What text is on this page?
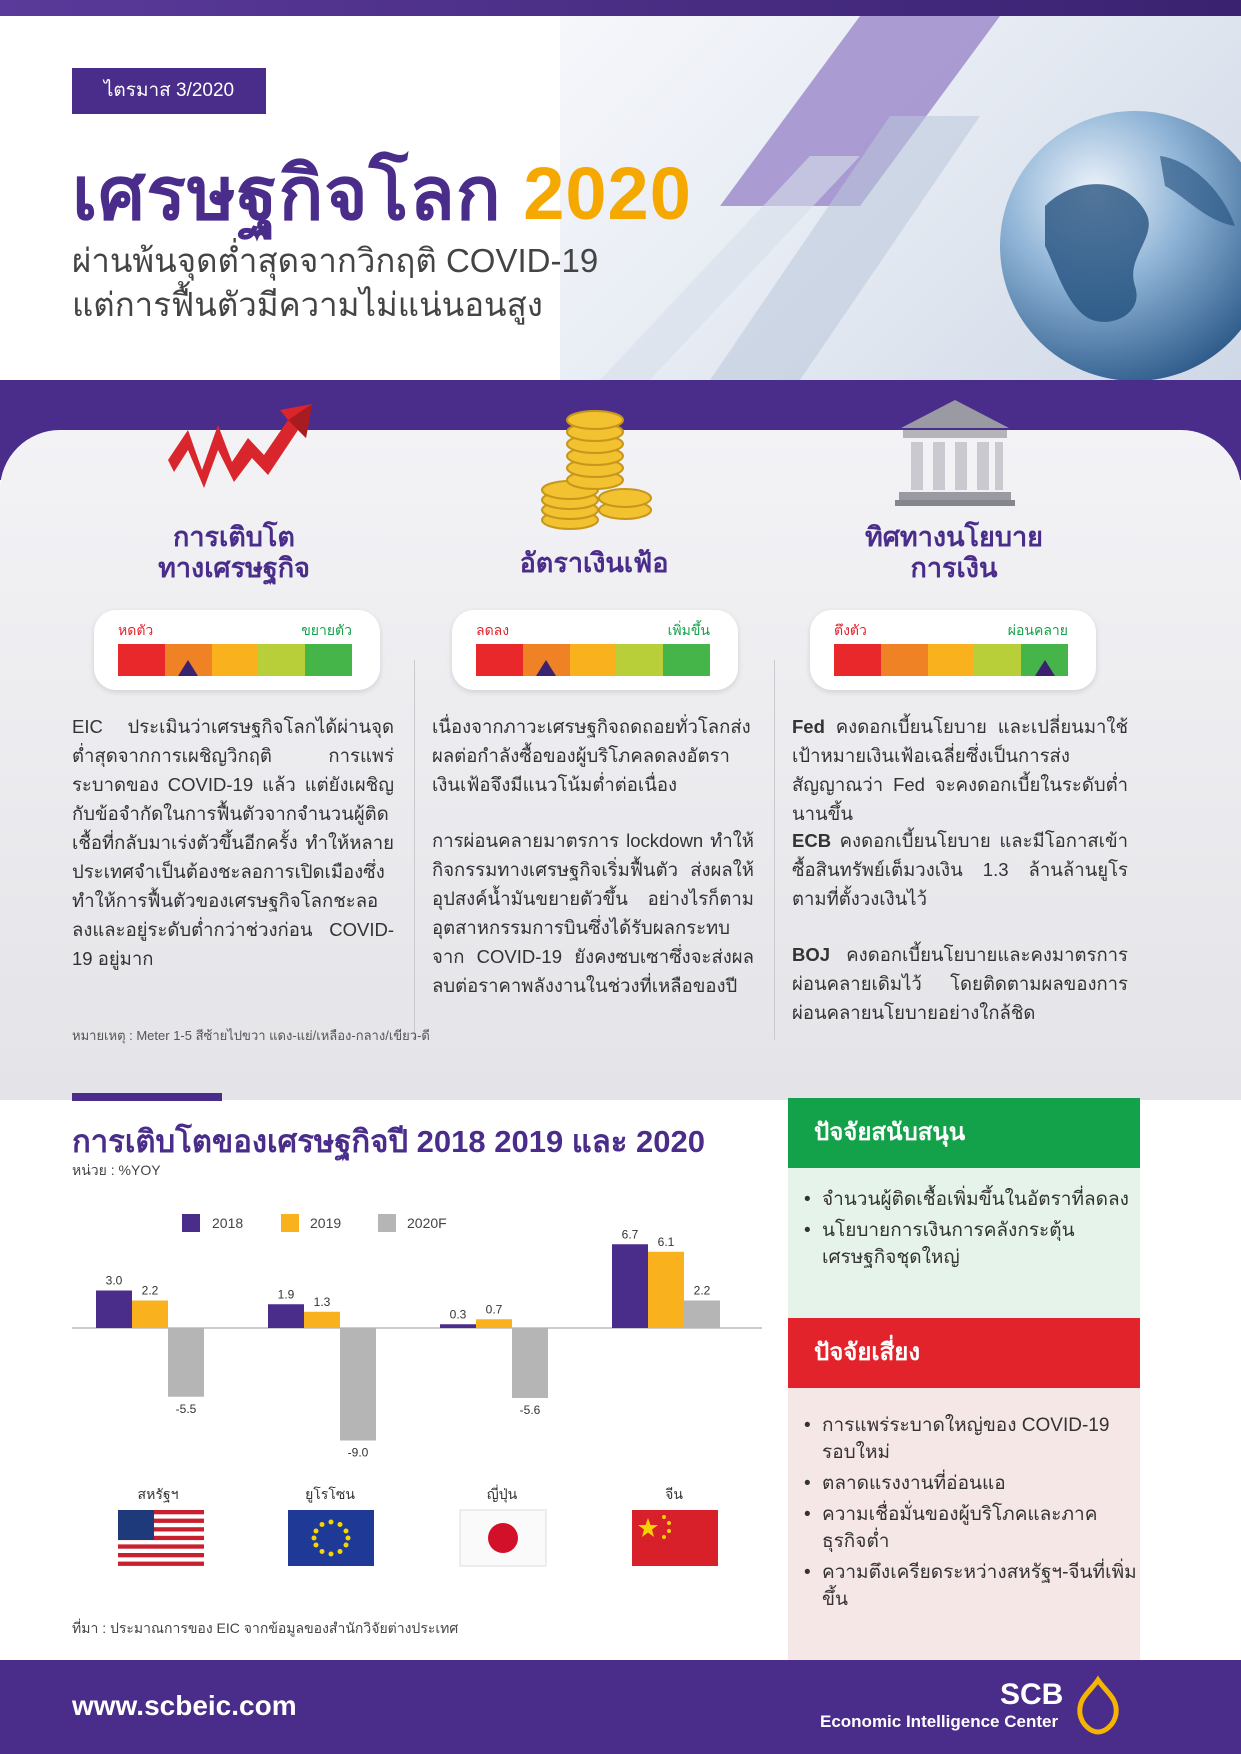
ไตรมาส 3/2020
เศรษฐกิจโลก 2020
ผ่านพ้นจุดต่ำสุดจากวิกฤติ COVID-19
แต่การฟื้นตัวมีความไม่แน่นอนสูง
การเติบโต
ทางเศรษฐกิจ	อัตราเงินเฟ้อ
ทิศทางนโยบาย
การเงิน
หดตัว	ขยายตัว	ลดลง	เพิ่มขึ้น	ตึงตัว	ผ่อนคลาย
EIC ประเมินว่าเศรษฐกิจโลกได้ผ่านจุดต่ำสุดจากการเผชิญวิกฤติ การแพร่ระบาดของ COVID-19 แล้ว แต่ยังเผชิญกับข้อจำกัดในการฟื้นตัวจากจำนวนผู้ติดเชื้อที่กลับมาเร่งตัวขึ้นอีกครั้ง ทำให้หลายประเทศจำเป็นต้องชะลอการเปิดเมืองซึ่งทำให้การฟื้นตัวของเศรษฐกิจโลกชะลอลงและอยู่ระดับต่ำกว่าช่วงก่อน COVID-19 อยู่มาก
เนื่องจากภาวะเศรษฐกิจถดถอยทั่วโลกส่งผลต่อกำลังซื้อของผู้บริโภคลดลงอัตราเงินเฟ้อจึงมีแนวโน้มต่ำต่อเนื่อง
การผ่อนคลายมาตรการ lockdown ทำให้กิจกรรมทางเศรษฐกิจเริ่มฟื้นตัว ส่งผลให้อุปสงค์น้ำมันขยายตัวขึ้น อย่างไรก็ตามอุตสาหกรรมการบินซึ่งได้รับผลกระทบจาก COVID-19 ยังคงซบเซาซึ่งจะส่งผลลบต่อราคาพลังงานในช่วงที่เหลือของปี
Fed คงดอกเบี้ยนโยบาย และเปลี่ยนมาใช้เป้าหมายเงินเฟ้อเฉลี่ยซึ่งเป็นการส่งสัญญาณว่า Fed จะคงดอกเบี้ยในระดับต่ำนานขึ้น
ECB คงดอกเบี้ยนโยบาย และมีโอกาสเข้าซื้อสินทรัพย์เต็มวงเงิน 1.3 ล้านล้านยูโรตามที่ตั้งวงเงินไว้
BOJ คงดอกเบี้ยนโยบายและคงมาตรการผ่อนคลายเดิมไว้ โดยติดตามผลของการผ่อนคลายนโยบายอย่างใกล้ชิด
หมายเหตุ : Meter 1-5 สีซ้ายไปขวา แดง-แย่/เหลือง-กลาง/เขียว-ดี
การเติบโตของเศรษฐกิจปี 2018 2019 และ 2020
หน่วย : %YOY
2018	2019	2020F
3.0
2.2
-5.5
1.9
1.3
-9.0
0.3 0.7
-5.6
6.7
6.1
2.2
สหรัฐฯ	ยูโรโซน	ญี่ปุ่น	จีน
ที่มา : ประมาณการของ EIC จากข้อมูลของสำนักวิจัยต่างประเทศ
ปัจจัยสนับสนุน
• จำนวนผู้ติดเชื้อเพิ่มขึ้นในอัตราที่ลดลง
• นโยบายการเงินการคลังกระตุ้นเศรษฐกิจชุดใหญ่
ปัจจัยเสี่ยง
• การแพร่ระบาดใหญ่ของ COVID-19 รอบใหม่
• ตลาดแรงงานที่อ่อนแอ
• ความเชื่อมั่นของผู้บริโภคและภาคธุรกิจต่ำ
• ความตึงเครียดระหว่างสหรัฐฯ-จีนที่เพิ่มขึ้น
www.scbeic.com	SCB
Economic Intelligence Center
